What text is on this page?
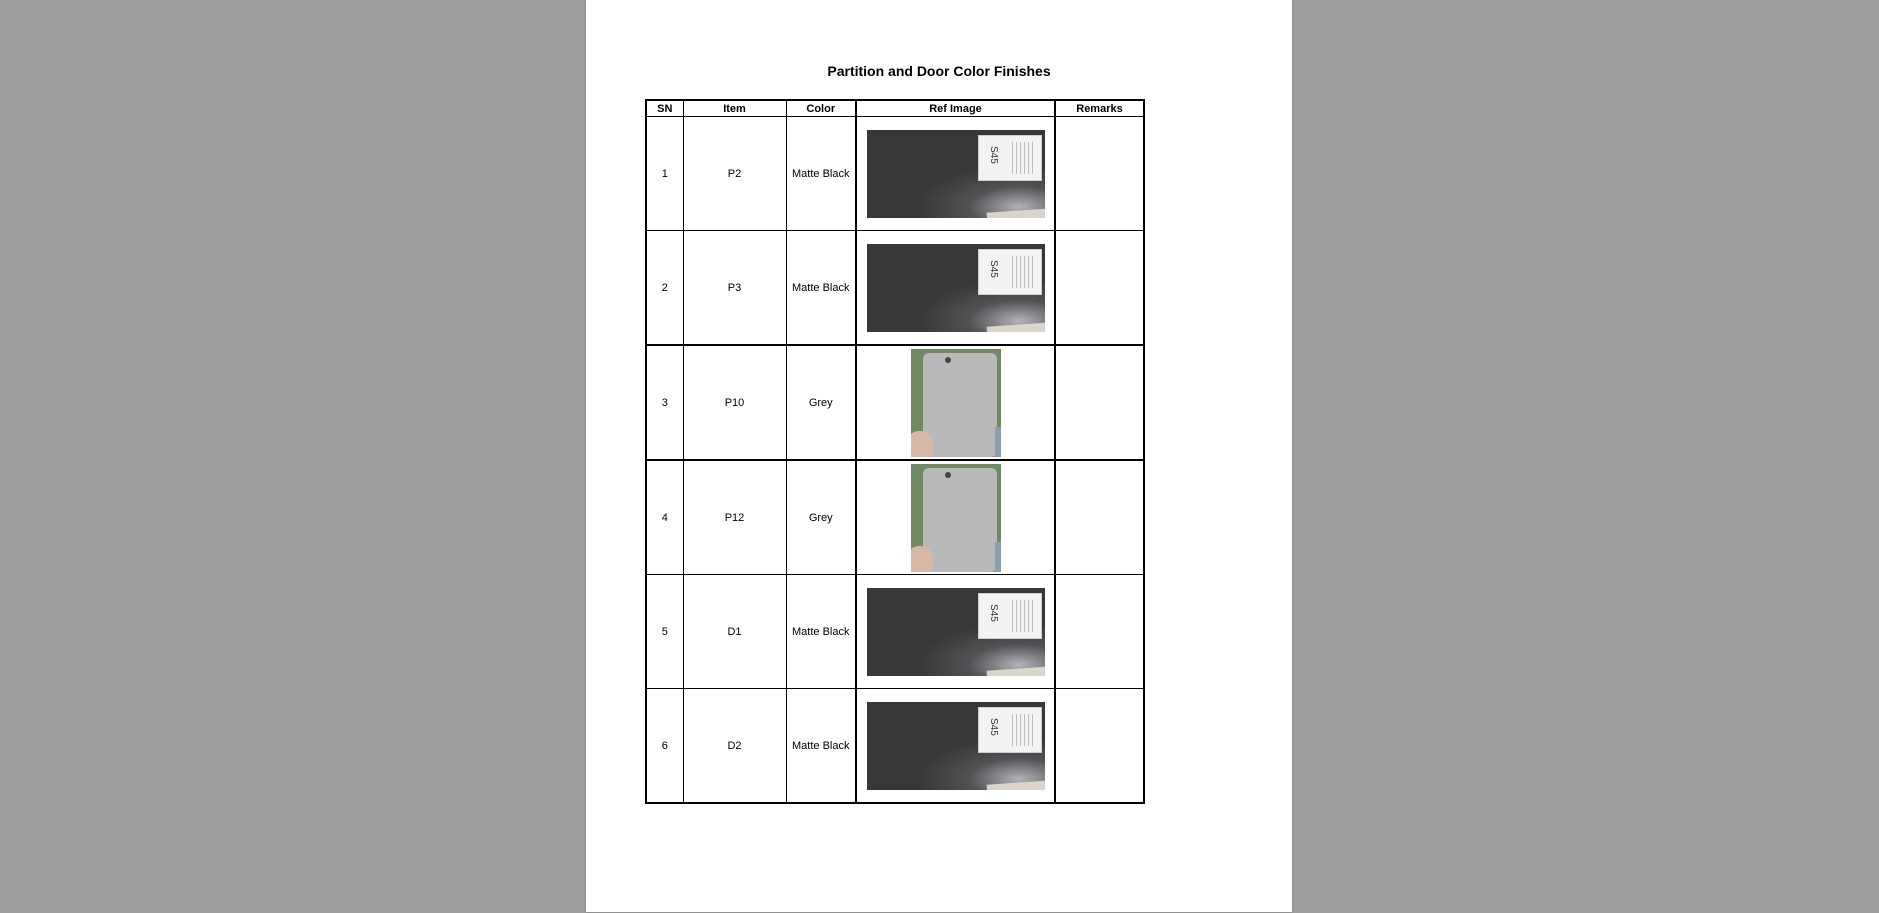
Partition and Door Color Finishes
SN	Item	Color	Ref Image	Remarks
1	P2	Matte Black	S45	

2	P3	Matte Black	S45	

3	P10	Grey	

4	P12	Grey	

5	D1	Matte Black	S45	

6	D2	Matte Black	S45	
